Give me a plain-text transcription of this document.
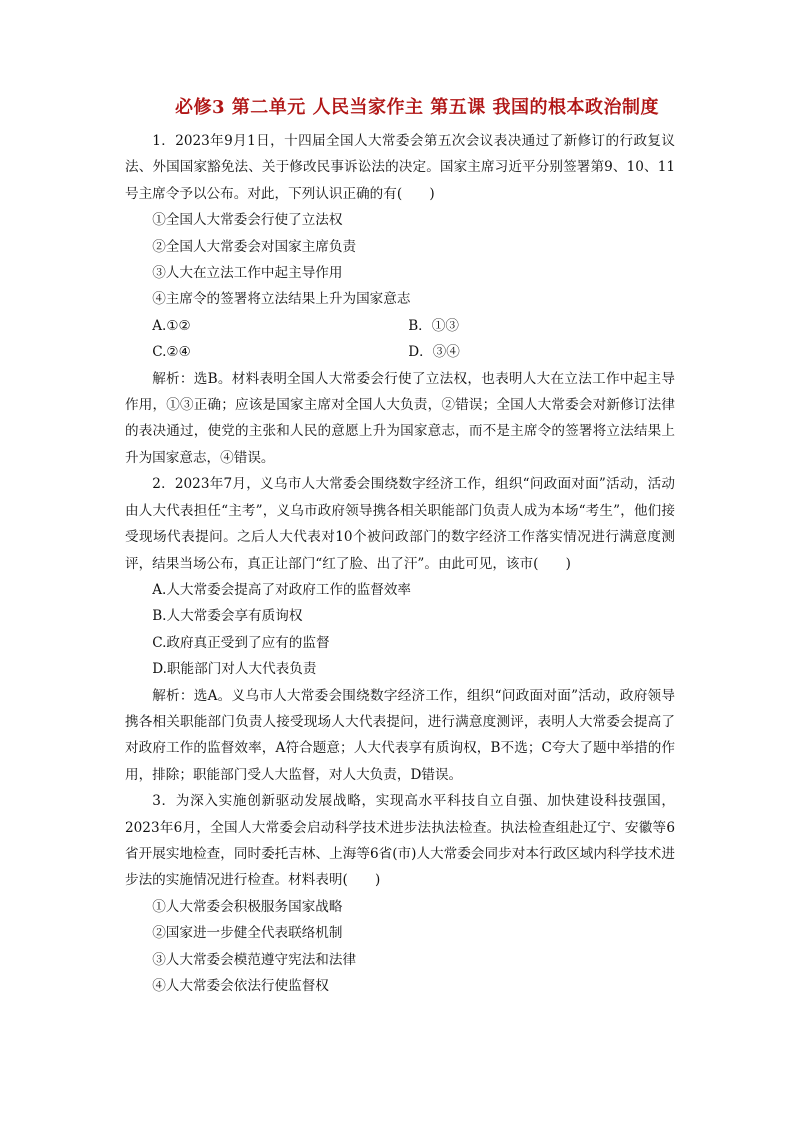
必修3 第二单元 人民当家作主 第五课 我国的根本政治制度

1．2023年9月1日，十四届全国人大常委会第五次会议表决通过了新修订的行政复议法、外国国家豁免法、关于修改民事诉讼法的决定。国家主席习近平分别签署第9、10、11号主席令予以公布。对此，下列认识正确的有(　　)

①全国人大常委会行使了立法权

②全国人大常委会对国家主席负责

③人大在立法工作中起主导作用

④主席令的签署将立法结果上升为国家意志

A.①②	B．①③
C.②④	D．③④

解析：选B。材料表明全国人大常委会行使了立法权，也表明人大在立法工作中起主导作用，①③正确；应该是国家主席对全国人大负责，②错误；全国人大常委会对新修订法律的表决通过，使党的主张和人民的意愿上升为国家意志，而不是主席令的签署将立法结果上升为国家意志，④错误。

2．2023年7月，义乌市人大常委会围绕数字经济工作，组织“问政面对面”活动，活动由人大代表担任“主考”，义乌市政府领导携各相关职能部门负责人成为本场“考生”，他们接受现场代表提问。之后人大代表对10个被问政部门的数字经济工作落实情况进行满意度测评，结果当场公布，真正让部门“红了脸、出了汗”。由此可见，该市(　　)

A.人大常委会提高了对政府工作的监督效率

B.人大常委会享有质询权

C.政府真正受到了应有的监督

D.职能部门对人大代表负责

解析：选A。义乌市人大常委会围绕数字经济工作，组织“问政面对面”活动，政府领导携各相关职能部门负责人接受现场人大代表提问，进行满意度测评，表明人大常委会提高了对政府工作的监督效率，A符合题意；人大代表享有质询权，B不选；C夸大了题中举措的作用，排除；职能部门受人大监督，对人大负责，D错误。

3．为深入实施创新驱动发展战略，实现高水平科技自立自强、加快建设科技强国，2023年6月，全国人大常委会启动科学技术进步法执法检查。执法检查组赴辽宁、安徽等6省开展实地检查，同时委托吉林、上海等6省(市)人大常委会同步对本行政区域内科学技术进步法的实施情况进行检查。材料表明(　　)

①人大常委会积极服务国家战略

②国家进一步健全代表联络机制

③人大常委会模范遵守宪法和法律

④人大常委会依法行使监督权
